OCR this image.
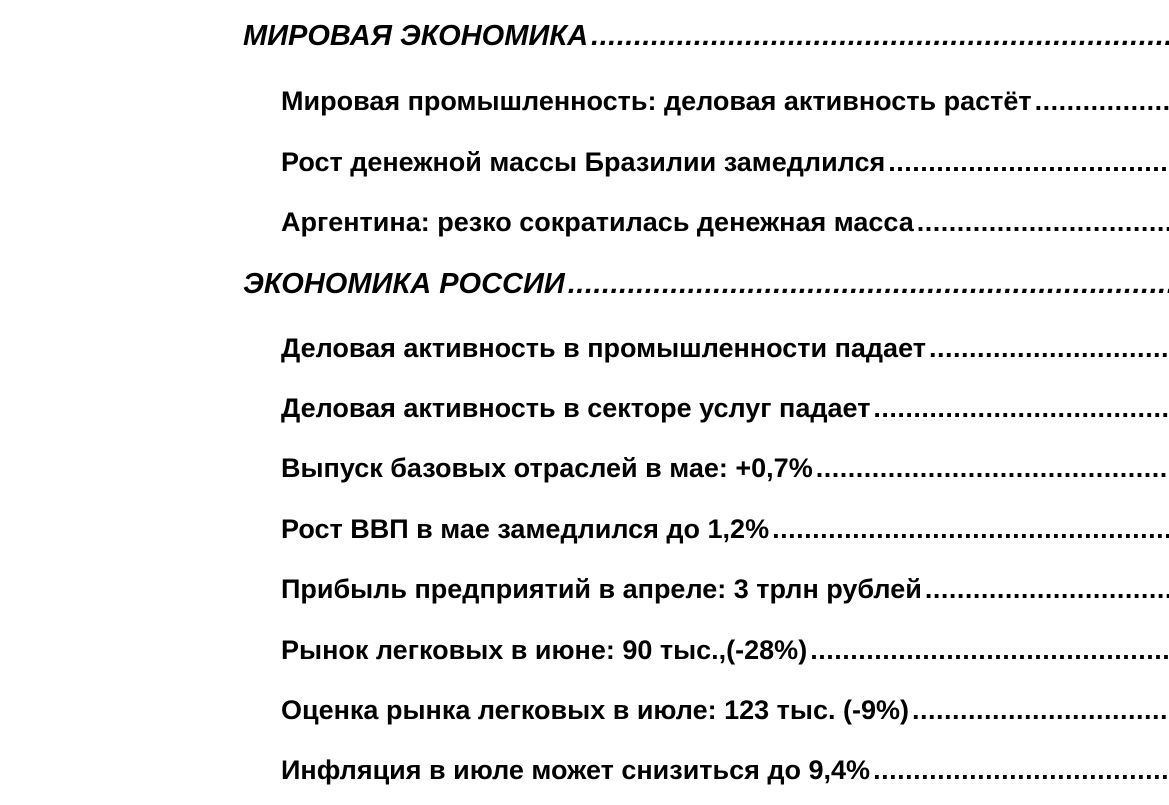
МИРОВАЯ ЭКОНОМИКА
.....
Мировая промышленность: деловая активность растёт
.....
Рост денежной массы Бразилии замедлился
.....
Аргентина: резко сократилась денежная масса
.....
ЭКОНОМИКА РОССИИ
.....
Деловая активность в промышленности падает
.....
Деловая активность в секторе услуг падает
.....
Выпуск базовых отраслей в мае: +0,7%
.....
Рост ВВП в мае замедлился до 1,2%
.....
Прибыль предприятий в апреле: 3 трлн рублей
.....
Рынок легковых в июне: 90 тыс.,(-28%)
.....
Оценка рынка легковых в июле: 123 тыс. (-9%)
.....
Инфляция в июле может снизиться до 9,4%
.....
